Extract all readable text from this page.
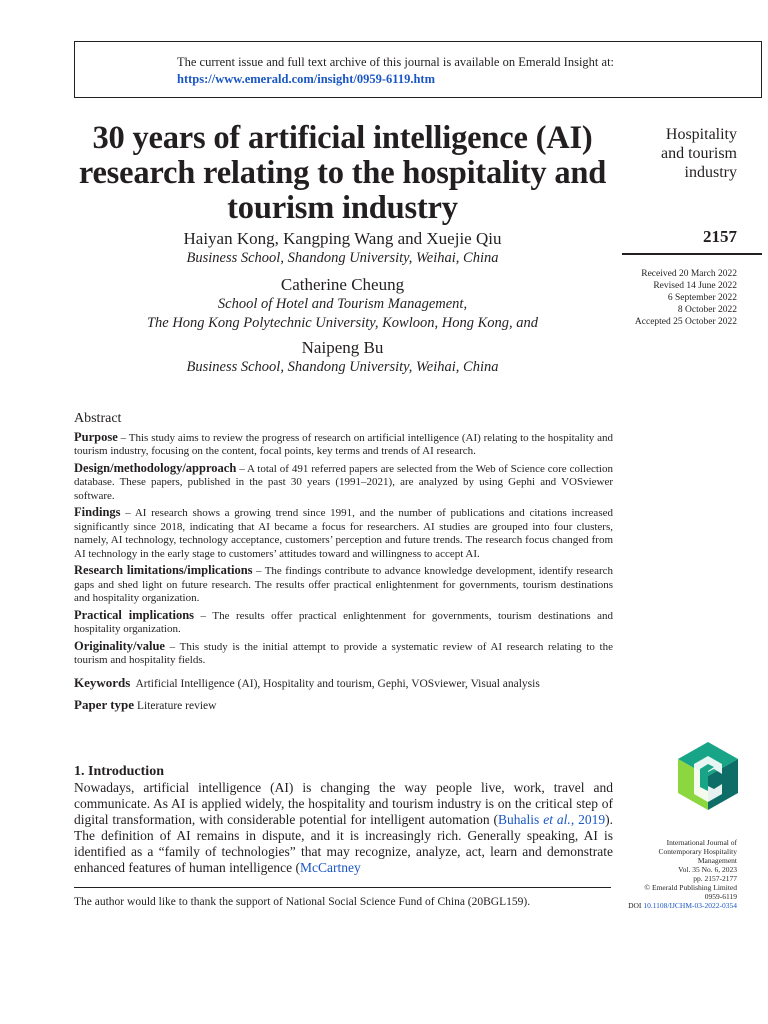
The current issue and full text archive of this journal is available on Emerald Insight at:
https://www.emerald.com/insight/0959-6119.htm
30 years of artificial intelligence (AI) research relating to the hospitality and tourism industry
Haiyan Kong, Kangping Wang and Xuejie Qiu
Business School, Shandong University, Weihai, China
Catherine Cheung
School of Hotel and Tourism Management,
The Hong Kong Polytechnic University, Kowloon, Hong Kong, and
Naipeng Bu
Business School, Shandong University, Weihai, China
Hospitality
and tourism
industry
2157
Received 20 March 2022
Revised 14 June 2022
6 September 2022
8 October 2022
Accepted 25 October 2022
Abstract

Purpose – This study aims to review the progress of research on artificial intelligence (AI) relating to the hospitality and tourism industry, focusing on the content, focal points, key terms and trends of AI research.

Design/methodology/approach – A total of 491 referred papers are selected from the Web of Science core collection database. These papers, published in the past 30 years (1991–2021), are analyzed by using Gephi and VOSviewer software.

Findings – AI research shows a growing trend since 1991, and the number of publications and citations increased significantly since 2018, indicating that AI became a focus for researchers. AI studies are grouped into four clusters, namely, AI technology, technology acceptance, customers’ perception and future trends. The research focus changed from AI technology in the early stage to customers’ attitudes toward and willingness to accept AI.

Research limitations/implications – The findings contribute to advance knowledge development, identify research gaps and shed light on future research. The results offer practical enlightenment for governments, tourism destinations and hospitality organization.

Practical implications – The results offer practical enlightenment for governments, tourism destinations and hospitality organization.

Originality/value – This study is the initial attempt to provide a systematic review of AI research relating to the tourism and hospitality fields.

Keywords Artificial Intelligence (AI), Hospitality and tourism, Gephi, VOSviewer, Visual analysis

Paper type Literature review

1. Introduction

Nowadays, artificial intelligence (AI) is changing the way people live, work, travel and communicate. As AI is applied widely, the hospitality and tourism industry is on the critical step of digital transformation, with considerable potential for intelligent automation (Buhalis et al., 2019). The definition of AI remains in dispute, and it is increasingly rich. Generally speaking, AI is identified as a “family of technologies” that may recognize, analyze, act, learn and demonstrate enhanced features of human intelligence (McCartney

International Journal of
Contemporary Hospitality
Management
Vol. 35 No. 6, 2023
pp. 2157-2177
© Emerald Publishing Limited
0959-6119
DOI 10.1108/IJCHM-03-2022-0354
The author would like to thank the support of National Social Science Fund of China (20BGL159).
